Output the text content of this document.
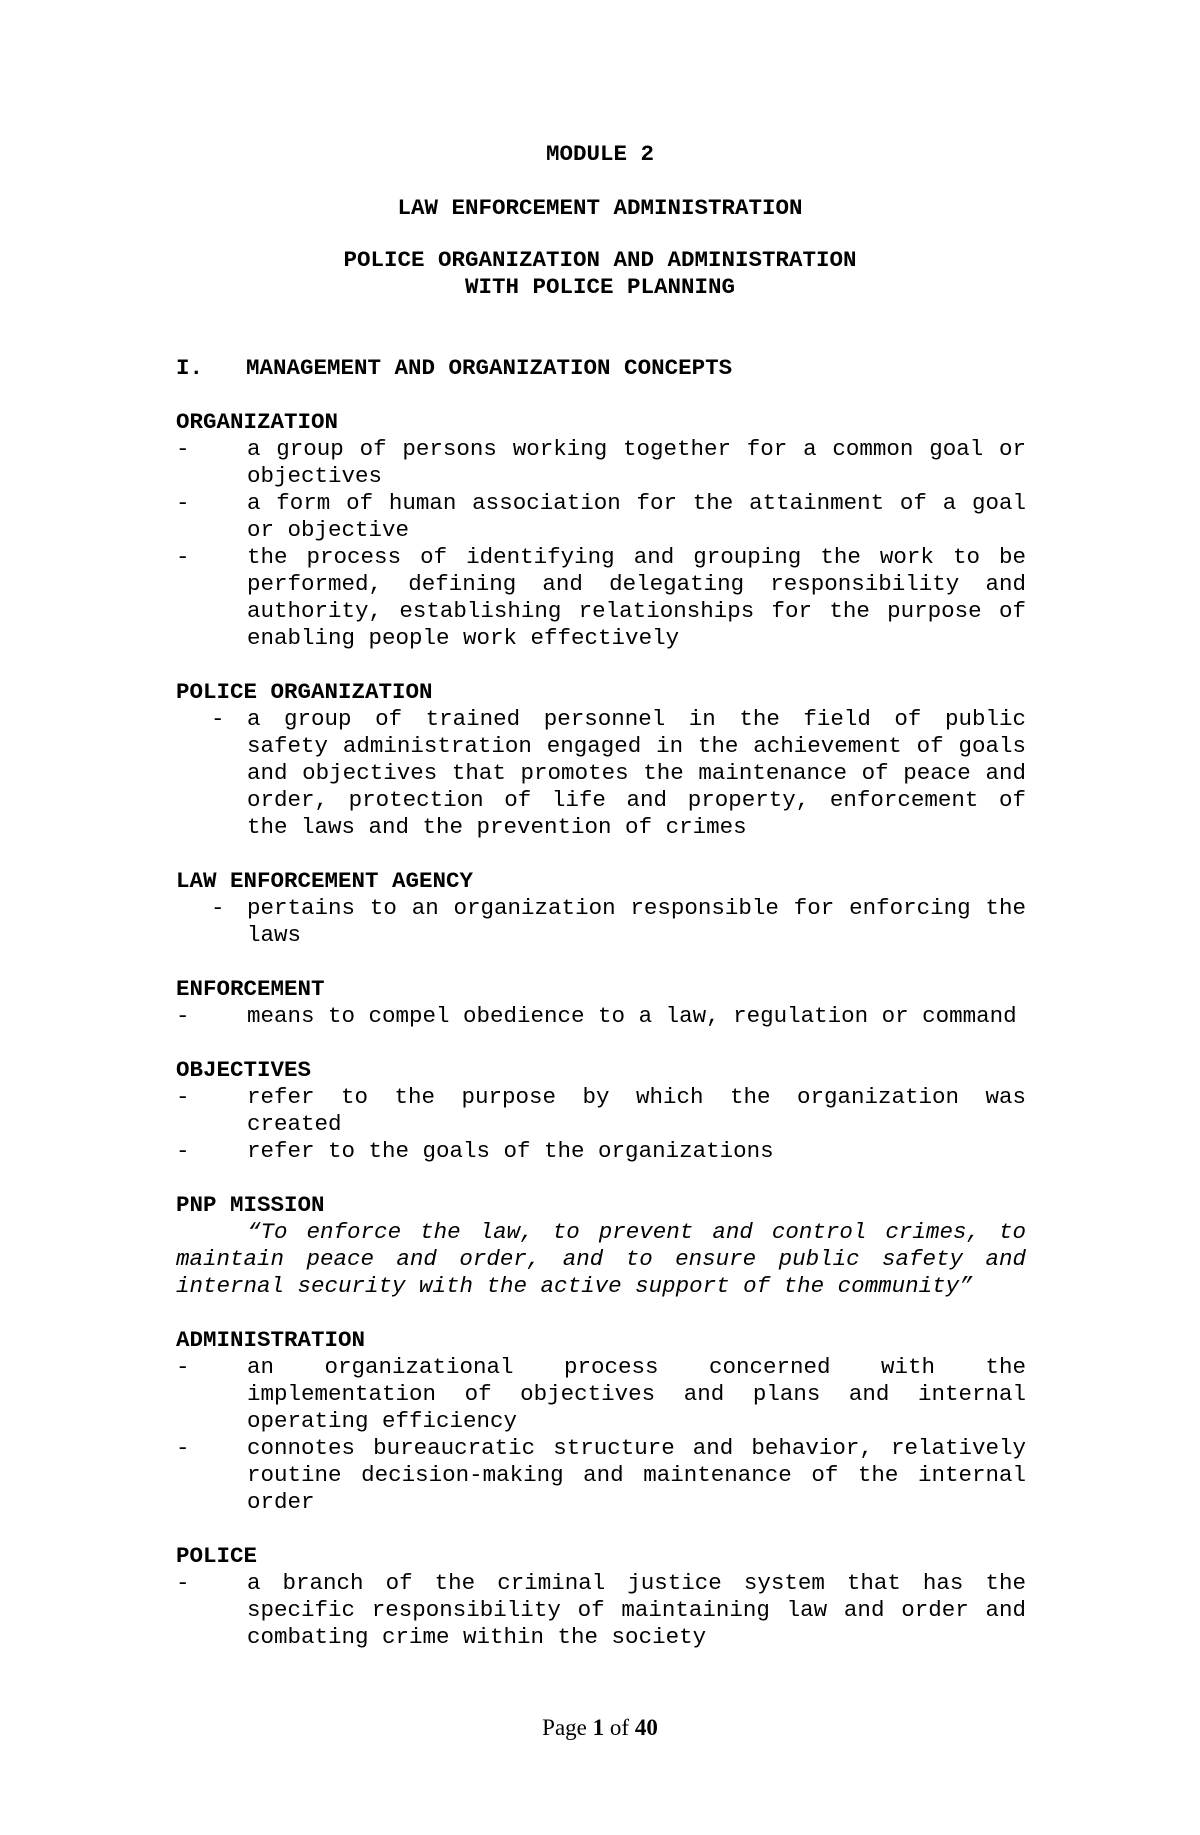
MODULE 2
LAW ENFORCEMENT ADMINISTRATION
POLICE ORGANIZATION AND ADMINISTRATION
WITH POLICE PLANNING
I.	MANAGEMENT AND ORGANIZATION CONCEPTS
ORGANIZATION
-	a group of persons working together for a common goal or objectives
-	a form of human association for the attainment of a goal or objective
-	the process of identifying and grouping the work to be performed, defining and delegating responsibility and authority, establishing relationships for the purpose of enabling people work effectively
POLICE ORGANIZATION
- a group of trained personnel in the field of public safety administration engaged in the achievement of goals and objectives that promotes the maintenance of peace and order, protection of life and property, enforcement of the laws and the prevention of crimes
LAW ENFORCEMENT AGENCY
- pertains to an organization responsible for enforcing the laws
ENFORCEMENT
-	means to compel obedience to a law, regulation or command
OBJECTIVES
-	refer to the purpose by which the organization was created
-	refer to the goals of the organizations
PNP MISSION
“To enforce the law, to prevent and control crimes, to maintain peace and order, and to ensure public safety and internal security with the active support of the community”
ADMINISTRATION
-	an organizational process concerned with the implementation of objectives and plans and internal operating efficiency
-	connotes bureaucratic structure and behavior, relatively routine decision-making and maintenance of the internal order
POLICE
-	a branch of the criminal justice system that has the specific responsibility of maintaining law and order and combating crime within the society
Page 1 of 40
